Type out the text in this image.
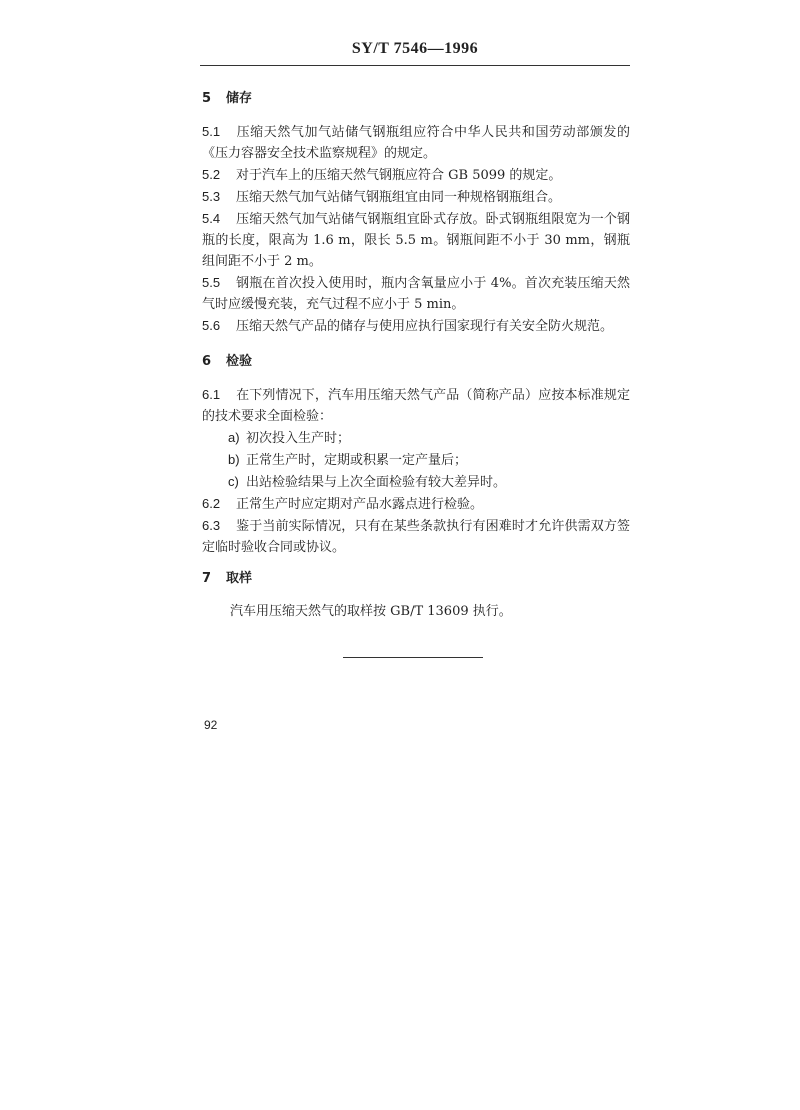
SY/T 7546—1996
5 储存

5.1 压缩天然气加气站储气钢瓶组应符合中华人民共和国劳动部颁发的《压力容器安全技术监察规程》的规定。

5.2 对于汽车上的压缩天然气钢瓶应符合 GB 5099 的规定。

5.3 压缩天然气加气站储气钢瓶组宜由同一种规格钢瓶组合。

5.4 压缩天然气加气站储气钢瓶组宜卧式存放。卧式钢瓶组限宽为一个钢瓶的长度，限高为 1.6 m，限长 5.5 m。钢瓶间距不小于 30 mm，钢瓶组间距不小于 2 m。

5.5 钢瓶在首次投入使用时，瓶内含氧量应小于 4%。首次充装压缩天然气时应缓慢充装，充气过程不应小于 5 min。

5.6 压缩天然气产品的储存与使用应执行国家现行有关安全防火规范。

6 检验

6.1 在下列情况下，汽车用压缩天然气产品（简称产品）应按本标准规定的技术要求全面检验：

a) 初次投入生产时；

b) 正常生产时，定期或积累一定产量后；

c) 出站检验结果与上次全面检验有较大差异时。

6.2 正常生产时应定期对产品水露点进行检验。

6.3 鉴于当前实际情况，只有在某些条款执行有困难时才允许供需双方签定临时验收合同或协议。

7 取样

汽车用压缩天然气的取样按 GB/T 13609 执行。

92
